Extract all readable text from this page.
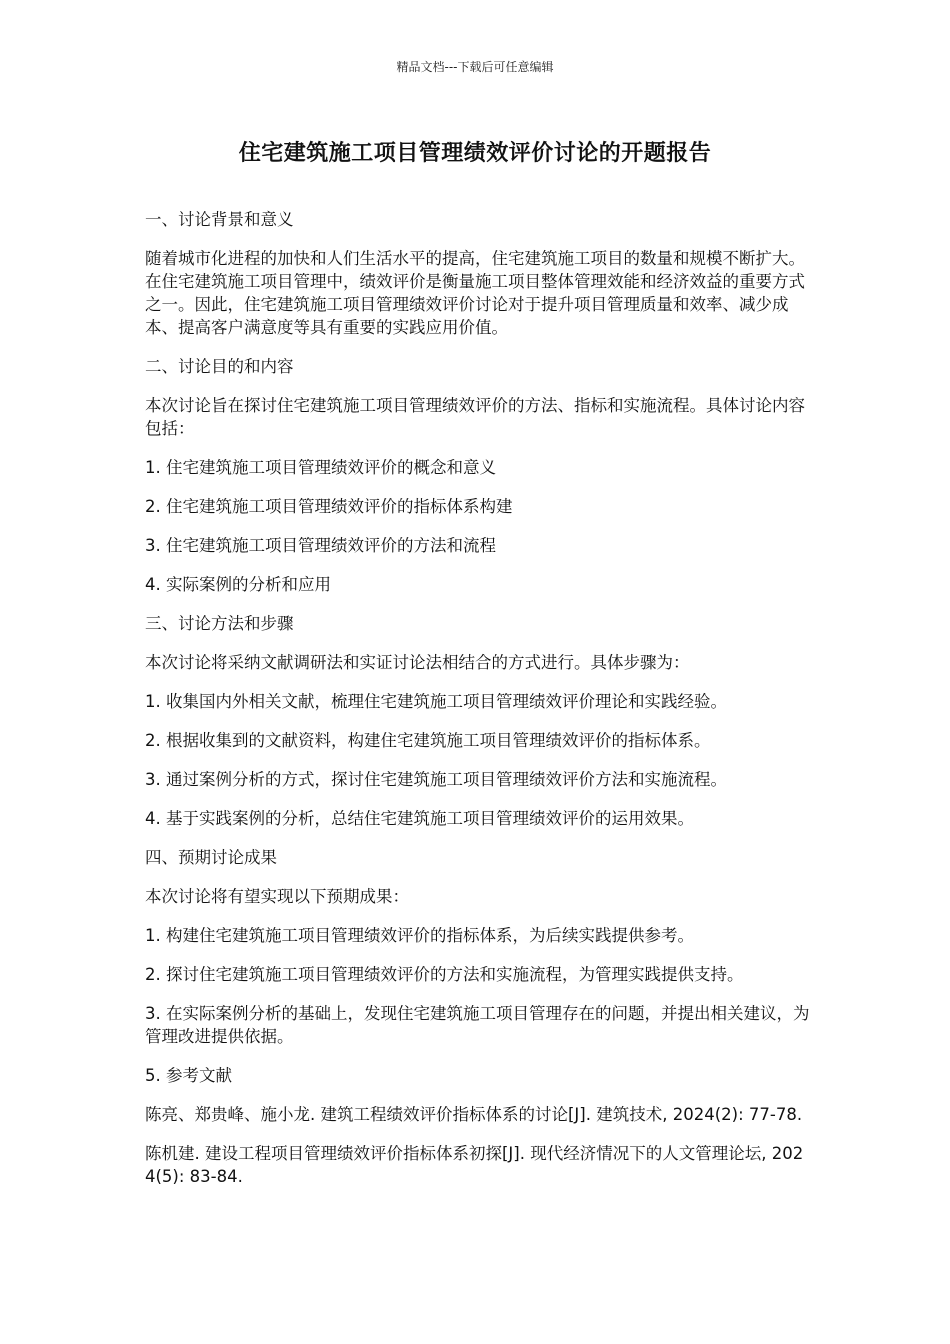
精品文档---下载后可任意编辑
住宅建筑施工项目管理绩效评价讨论的开题报告

一、讨论背景和意义

随着城市化进程的加快和人们生活水平的提高，住宅建筑施工项目的数量和规模不断扩大。在住宅建筑施工项目管理中，绩效评价是衡量施工项目整体管理效能和经济效益的重要方式之一。因此，住宅建筑施工项目管理绩效评价讨论对于提升项目管理质量和效率、减少成本、提高客户满意度等具有重要的实践应用价值。

二、讨论目的和内容

本次讨论旨在探讨住宅建筑施工项目管理绩效评价的方法、指标和实施流程。具体讨论内容包括：

1. 住宅建筑施工项目管理绩效评价的概念和意义

2. 住宅建筑施工项目管理绩效评价的指标体系构建

3. 住宅建筑施工项目管理绩效评价的方法和流程

4. 实际案例的分析和应用

三、讨论方法和步骤

本次讨论将采纳文献调研法和实证讨论法相结合的方式进行。具体步骤为：

1. 收集国内外相关文献，梳理住宅建筑施工项目管理绩效评价理论和实践经验。

2. 根据收集到的文献资料，构建住宅建筑施工项目管理绩效评价的指标体系。

3. 通过案例分析的方式，探讨住宅建筑施工项目管理绩效评价方法和实施流程。

4. 基于实践案例的分析，总结住宅建筑施工项目管理绩效评价的运用效果。

四、预期讨论成果

本次讨论将有望实现以下预期成果：

1. 构建住宅建筑施工项目管理绩效评价的指标体系，为后续实践提供参考。

2. 探讨住宅建筑施工项目管理绩效评价的方法和实施流程，为管理实践提供支持。

3. 在实际案例分析的基础上，发现住宅建筑施工项目管理存在的问题，并提出相关建议，为管理改进提供依据。

5. 参考文献

陈亮、郑贵峰、施小龙. 建筑工程绩效评价指标体系的讨论[J]. 建筑技术, 2024(2): 77-78.

陈机建. 建设工程项目管理绩效评价指标体系初探[J]. 现代经济情况下的人文管理论坛, 2024(5): 83-84.
